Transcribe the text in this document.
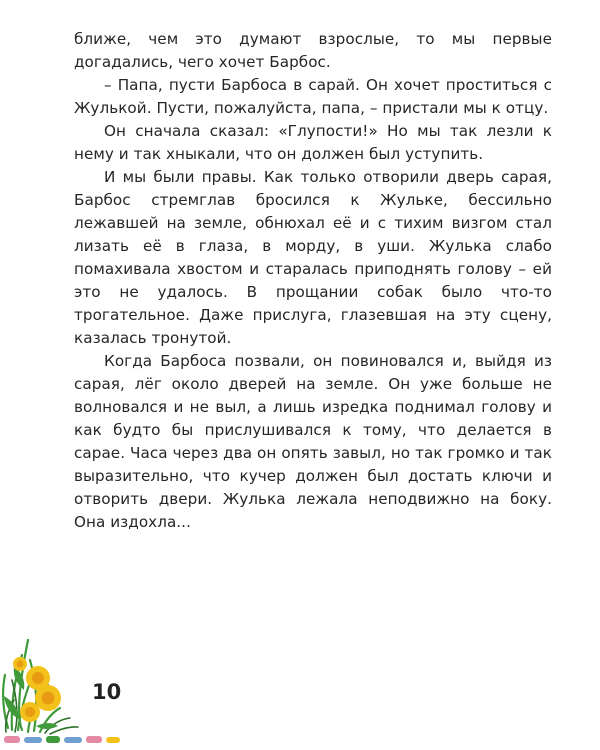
ближе, чем это думают взрослые, то мы первые догадались, чего хочет Барбос.

– Папа, пусти Барбоса в сарай. Он хочет проститься с Жулькой. Пусти, пожалуйста, папа, – пристали мы к отцу.

Он сначала сказал: «Глупости!» Но мы так лезли к нему и так хныкали, что он должен был уступить.

И мы были правы. Как только отворили дверь сарая, Барбос стремглав бросился к Жульке, бессильно лежавшей на земле, обнюхал её и с тихим визгом стал лизать её в глаза, в морду, в уши. Жулька слабо помахивала хвостом и старалась приподнять голову – ей это не удалось. В прощании собак было что-то трогательное. Даже прислуга, глазевшая на эту сцену, казалась тронутой.

Когда Барбоса позвали, он повиновался и, выйдя из сарая, лёг около дверей на земле. Он уже больше не волновался и не выл, а лишь изредка поднимал голову и как будто бы прислушивался к тому, что делается в сарае. Часа через два он опять завыл, но так громко и так выразительно, что кучер должен был достать ключи и отворить двери. Жулька лежала неподвижно на боку. Она издохла...

10
